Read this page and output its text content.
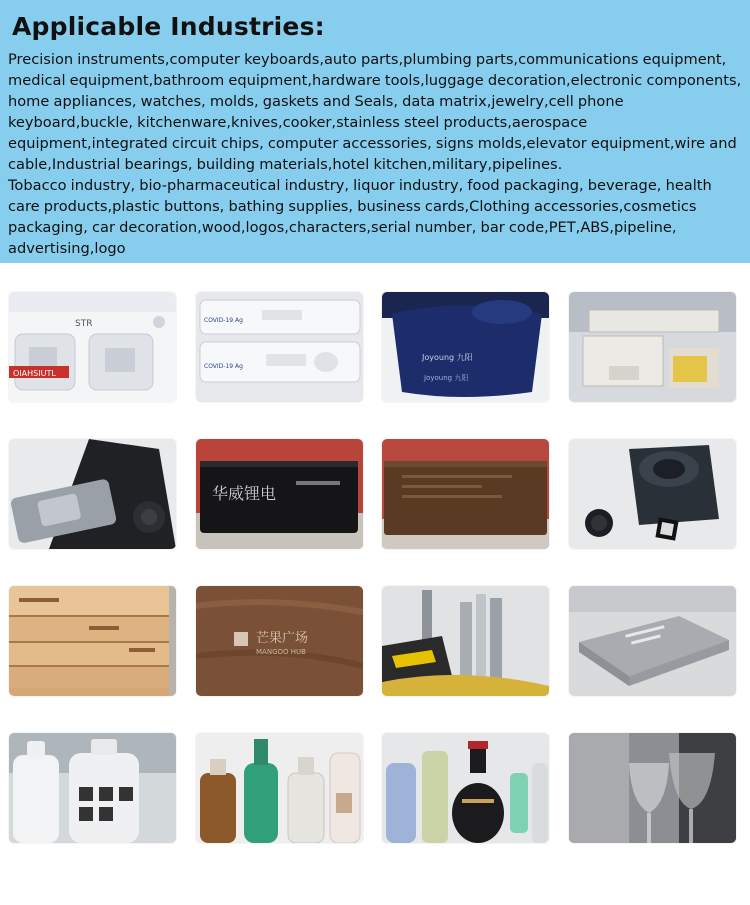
Applicable Industries:

Precision instruments,computer keyboards,auto parts,plumbing parts,communications equipment, medical equipment,bathroom equipment,hardware tools,luggage decoration,electronic components, home appliances, watches, molds, gaskets and Seals, data matrix,jewelry,cell phone keyboard,buckle, kitchenware,knives,cooker,stainless steel products,aerospace equipment,integrated circuit chips, computer accessories, signs molds,elevator equipment,wire and cable,Industrial bearings, building materials,hotel kitchen,military,pipelines.

Tobacco industry, bio-pharmaceutical industry, liquor industry, food packaging, beverage, health care products,plastic buttons, bathing supplies, business cards,Clothing accessories,cosmetics packaging, car decoration,wood,logos,characters,serial number, bar code,PET,ABS,pipeline, advertising,logo

OIAHSIUTL
STR	COVID-19 Ag
COVID-19 Ag
Joyoung 九阳
Joyoung 九阳
华威锂电
芒果广场
MANGOO HUB
